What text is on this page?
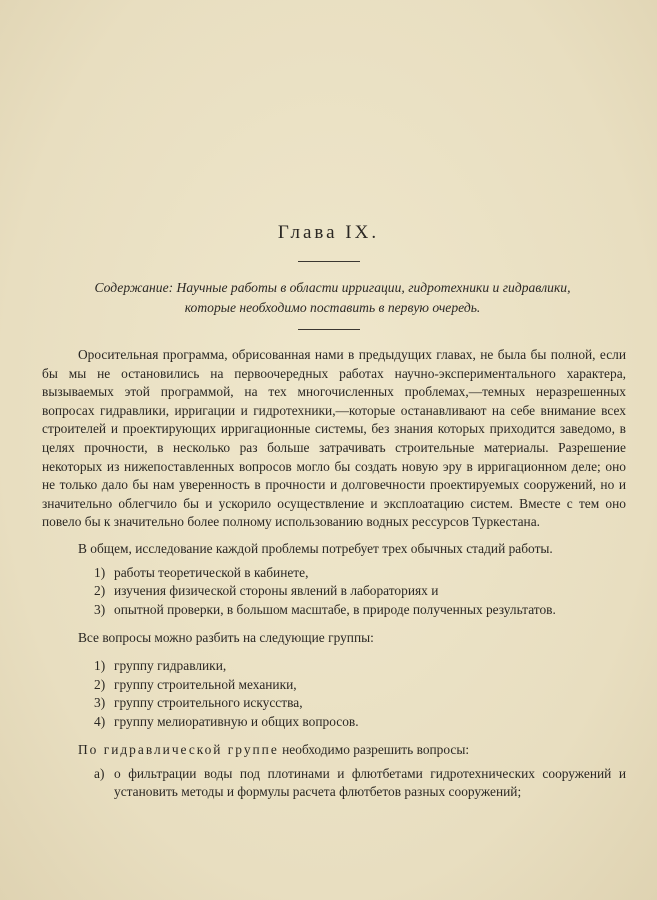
Глава IX.
Содержание: Научные работы в области ирригации, гидротехники и гидравлики,
которые необходимо поставить в первую очередь.

Оросительная программа, обрисованная нами в предыдущих главах, не была бы полной, если бы мы не остановились на первоочередных работах научно-экспериментального характера, вызываемых этой программой, на тех многочисленных проблемах,—темных неразрешенных вопросах гидравлики, ирригации и гидротехники,—которые останавливают на себе внимание всех строителей и проектирующих ирригационные системы, без знания которых приходится заведомо, в целях прочности, в несколько раз больше затрачивать строительные материалы. Разрешение некоторых из нижепоставленных вопросов могло бы создать новую эру в ирригационном деле; оно не только дало бы нам уверенность в прочности и долговечности проектируемых сооружений, но и значительно облегчило бы и ускорило осуществление и эксплоатацию систем. Вместе с тем оно повело бы к значительно более полному использованию водных рессурсов Туркестана.

В общем, исследование каждой проблемы потребует трех обычных стадий работы.

1) работы теоретической в кабинете,
2) изучения физической стороны явлений в лабораториях и
3) опытной проверки, в большом масштабе, в природе полученных результатов.

Все вопросы можно разбить на следующие группы:

1) группу гидравлики,
2) группу строительной механики,
3) группу строительного искусства,
4) группу мелиоративную и общих вопросов.

По гидравлической группе необходимо разрешить вопросы:

а) о фильтрации воды под плотинами и флютбетами гидротехнических сооружений и установить методы и формулы расчета флютбетов разных сооружений;
